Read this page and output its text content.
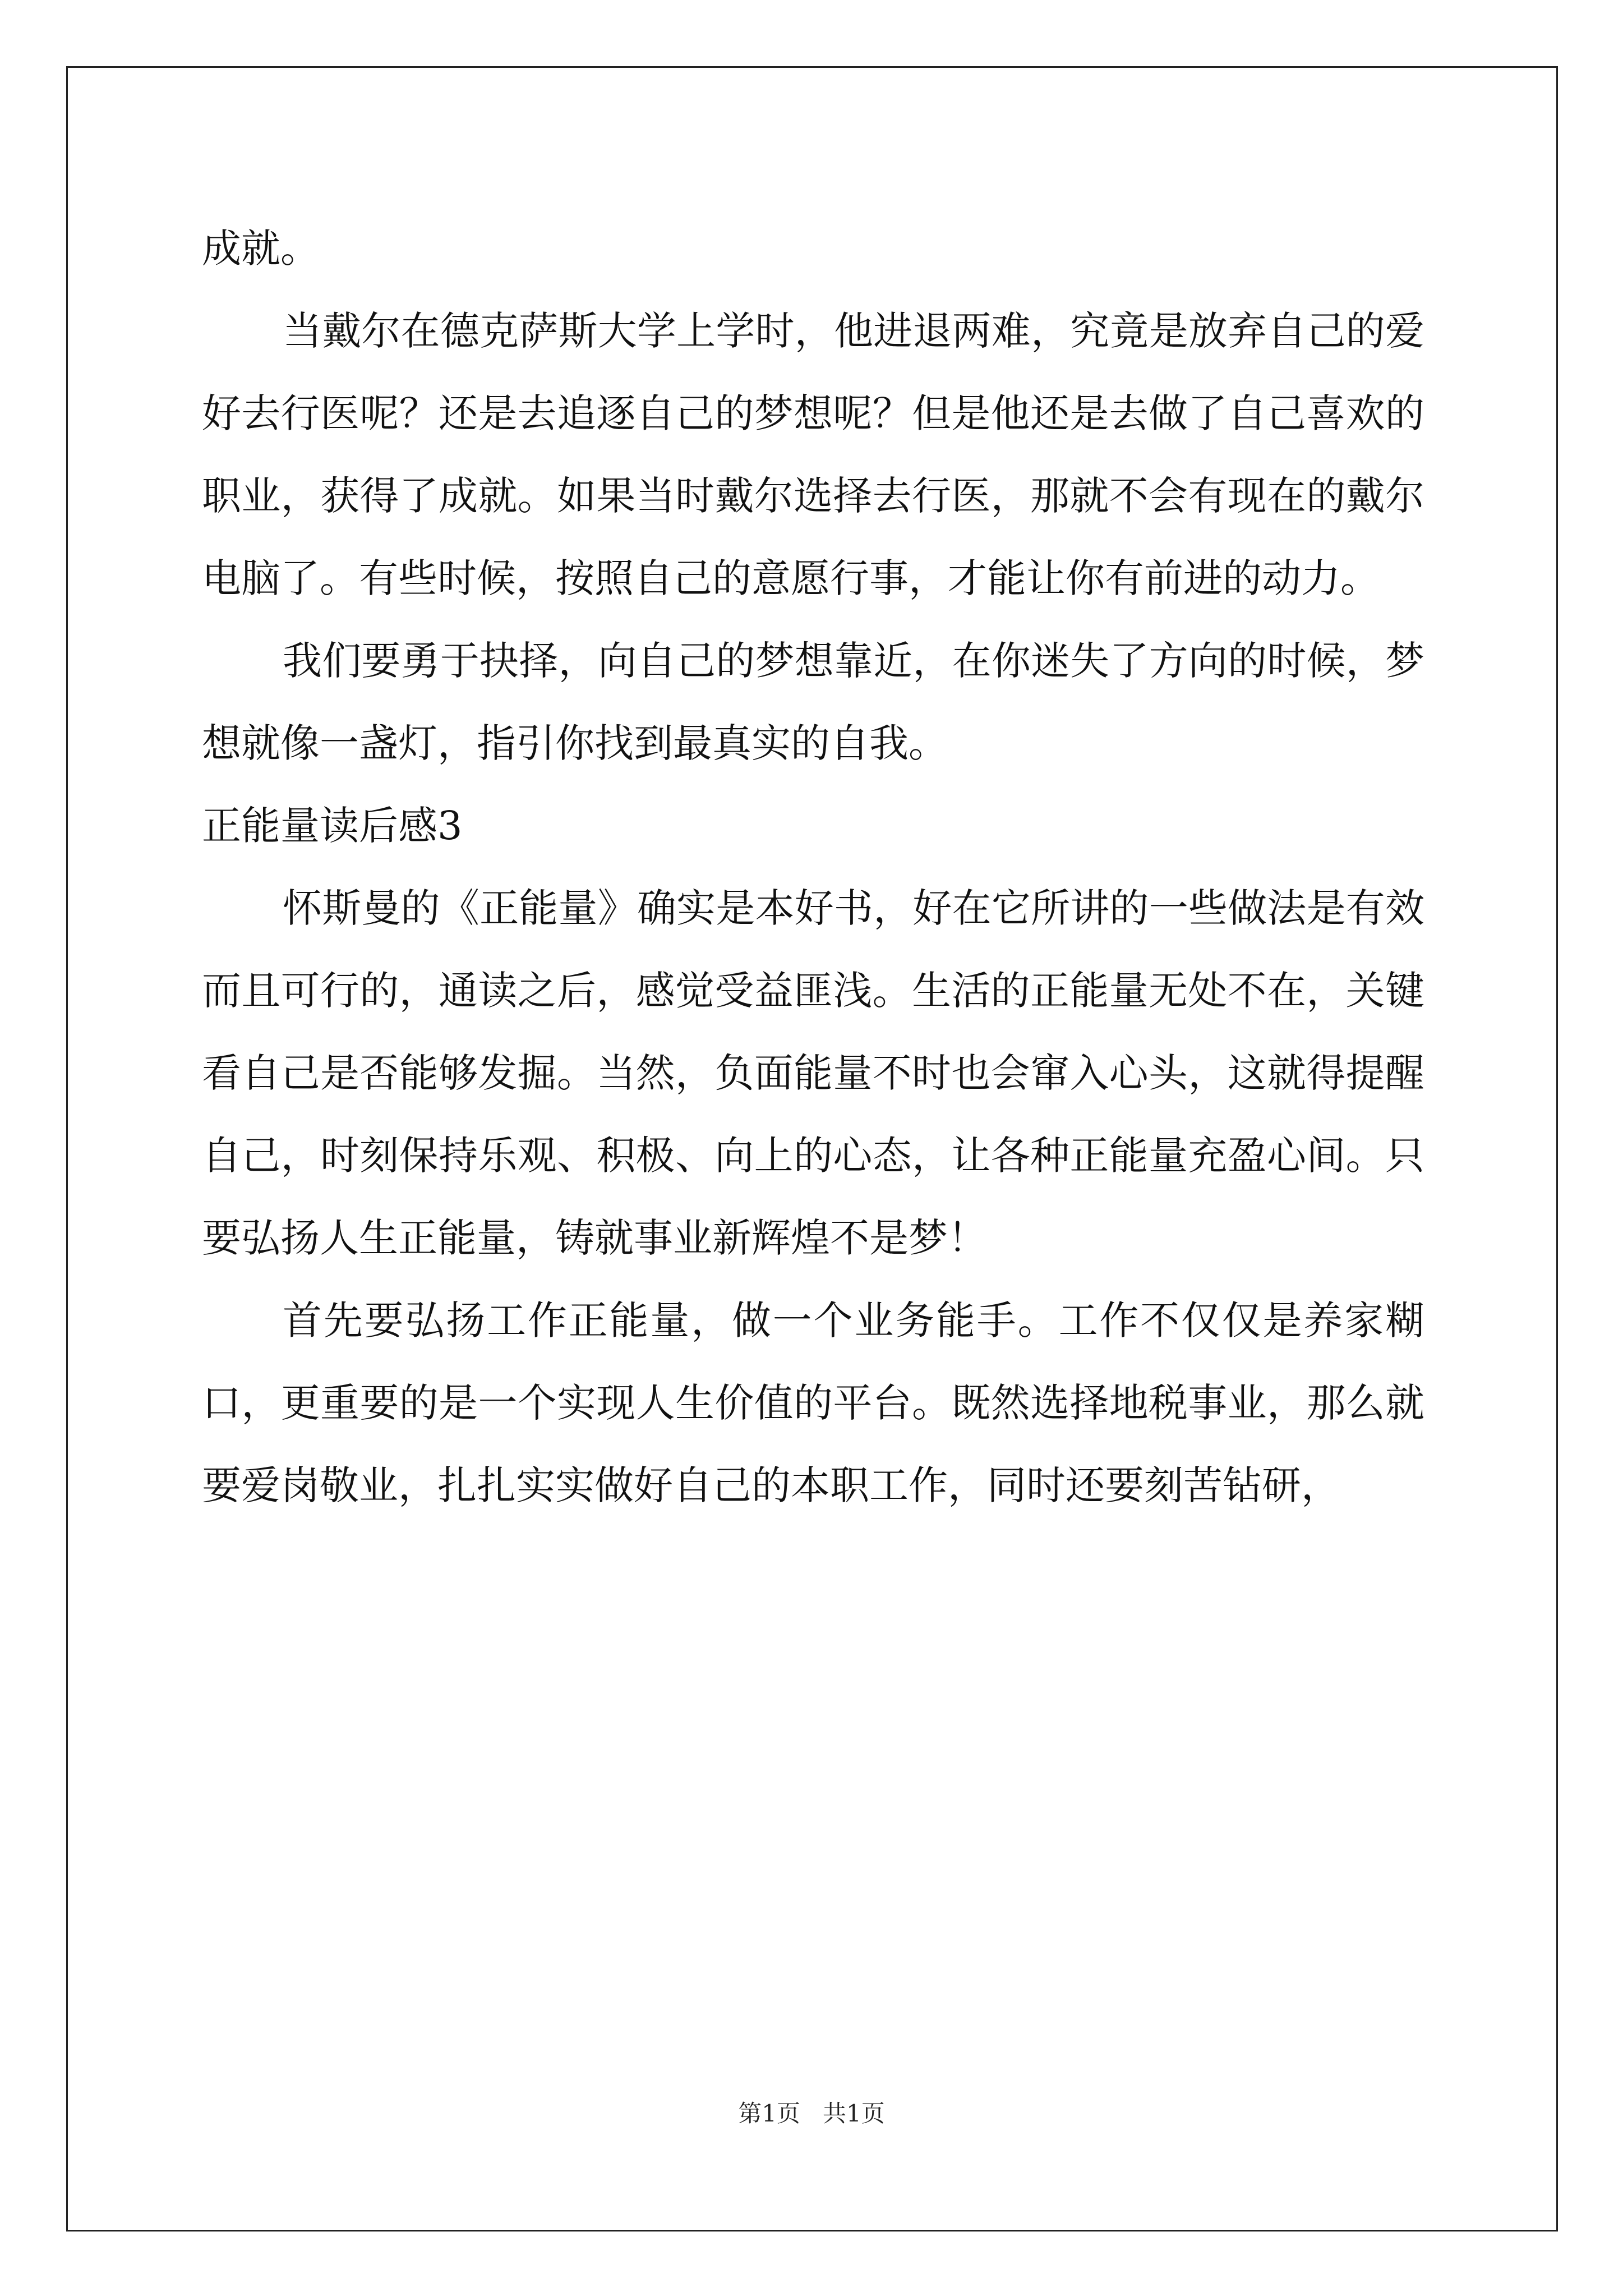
成就。

当戴尔在德克萨斯大学上学时，他进退两难，究竟是放弃自己的爱好去行医呢？还是去追逐自己的梦想呢？但是他还是去做了自己喜欢的职业，获得了成就。如果当时戴尔选择去行医，那就不会有现在的戴尔电脑了。有些时候，按照自己的意愿行事，才能让你有前进的动力。

我们要勇于抉择，向自己的梦想靠近，在你迷失了方向的时候，梦想就像一盏灯，指引你找到最真实的自我。

正能量读后感3

怀斯曼的《正能量》确实是本好书，好在它所讲的一些做法是有效而且可行的，通读之后，感觉受益匪浅。生活的正能量无处不在，关键看自己是否能够发掘。当然，负面能量不时也会窜入心头，这就得提醒自己，时刻保持乐观、积极、向上的心态，让各种正能量充盈心间。只要弘扬人生正能量，铸就事业新辉煌不是梦！

首先要弘扬工作正能量，做一个业务能手。工作不仅仅是养家糊口，更重要的是一个实现人生价值的平台。既然选择地税事业，那么就要爱岗敬业，扎扎实实做好自己的本职工作，同时还要刻苦钻研，

第1页 共1页
